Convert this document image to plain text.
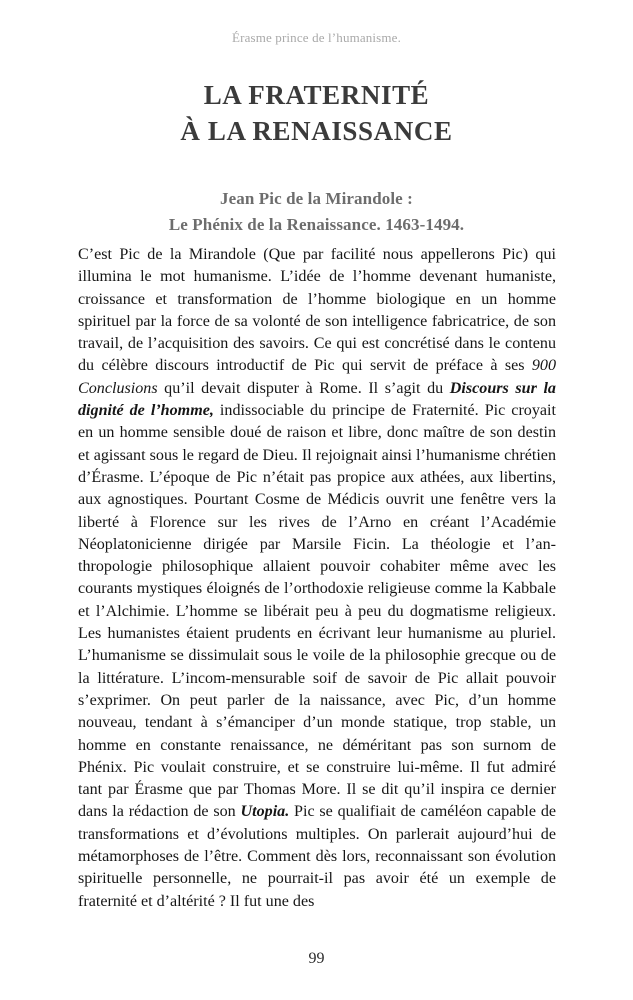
Érasme prince de l’humanisme.
LA FRATERNITÉ
À LA RENAISSANCE
Jean Pic de la Mirandole :
Le Phénix de la Renaissance. 1463-1494.

C’est Pic de la Mirandole (Que par facilité nous appellerons Pic) qui illumina le mot humanisme. L’idée de l’homme devenant humaniste, croissance et transformation de l’homme biologique en un homme spirituel par la force de sa volonté de son intelligence fabricatrice, de son travail, de l’acquisition des savoirs. Ce qui est concrétisé dans le contenu du célèbre discours introductif de Pic qui servit de préface à ses 900 Conclusions qu’il devait disputer à Rome. Il s’agit du Discours sur la dignité de l’homme, indissociable du principe de Fraternité. Pic croyait en un homme sensible doué de raison et libre, donc maître de son destin et agissant sous le regard de Dieu. Il rejoignait ainsi l’humanisme chrétien d’Érasme. L’époque de Pic n’était pas propice aux athées, aux libertins, aux agnostiques. Pourtant Cosme de Médicis ouvrit une fenêtre vers la liberté à Florence sur les rives de l’Arno en créant l’Académie Néoplatonicienne dirigée par Marsile Ficin. La théologie et l’an-thropologie philosophique allaient pouvoir cohabiter même avec les courants mystiques éloignés de l’orthodoxie religieuse comme la Kabbale et l’Alchimie. L’homme se libérait peu à peu du dogmatisme religieux. Les humanistes étaient prudents en écrivant leur humanisme au pluriel. L’humanisme se dissimulait sous le voile de la philosophie grecque ou de la littérature. L’incom-mensurable soif de savoir de Pic allait pouvoir s’exprimer. On peut parler de la naissance, avec Pic, d’un homme nouveau, tendant à s’émanciper d’un monde statique, trop stable, un homme en constante renaissance, ne déméritant pas son surnom de Phénix. Pic voulait construire, et se construire lui-même. Il fut admiré tant par Érasme que par Thomas More. Il se dit qu’il inspira ce dernier dans la rédaction de son Utopia. Pic se qualifiait de caméléon capable de transformations et d’évolutions multiples. On parlerait aujourd’hui de métamorphoses de l’être. Comment dès lors, reconnaissant son évolution spirituelle personnelle, ne pourrait-il pas avoir été un exemple de fraternité et d’altérité ? Il fut une des

99
